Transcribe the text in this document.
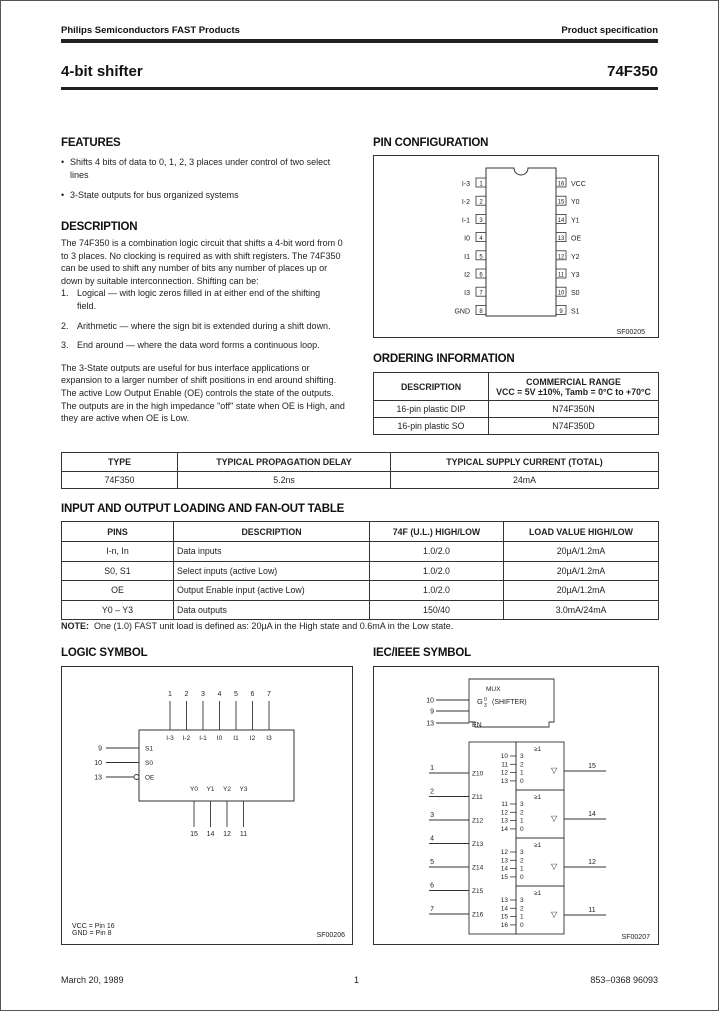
Philips Semiconductors FAST Products	Product specification
4-bit shifter	74F350
FEATURES
• Shifts 4 bits of data to 0, 1, 2, 3 places under control of two select lines
• 3-State outputs for bus organized systems
DESCRIPTION

The 74F350 is a combination logic circuit that shifts a 4-bit word from 0 to 3 places. No clocking is required as with shift registers. The 74F350 can be used to shift any number of bits any number of places up or down by suitable interconnection. Shifting can be:

1. Logical — with logic zeros filled in at either end of the shifting field.
2. Arithmetic — where the sign bit is extended during a shift down.
3. End around — where the data word forms a continuous loop.

The 3-State outputs are useful for bus interface applications or expansion to a larger number of shift positions in end around shifting. The active Low Output Enable (OE) controls the state of the outputs. The outputs are in the high impedance "off" state when OE is High, and they are active when OE is Low.

PIN CONFIGURATION
1
I-3
2
I-2
3
I-1
4
I0
5
I1
6
I2
7
I3
8
GND
16 VCC
15 Y0
14 Y1
13 OE
12 Y2
11 Y3
10 S0
9 S1
SF00205
ORDERING INFORMATION
DESCRIPTION	COMMERCIAL RANGE
VCC = 5V ±10%, Tamb = 0°C to +70°C

16-pin plastic DIP	N74F350N
16-pin plastic SO	N74F350D
TYPE	TYPICAL PROPAGATION DELAY	TYPICAL SUPPLY CURRENT (TOTAL)
74F350	5.2ns	24mA
INPUT AND OUTPUT LOADING AND FAN-OUT TABLE
PINS	DESCRIPTION	74F (U.L.) HIGH/LOW	LOAD VALUE HIGH/LOW
I-n, In	Data inputs	1.0/2.0	20µA/1.2mA
S0, S1	Select inputs (active Low)	1.0/2.0	20µA/1.2mA
OE	Output Enable input (active Low)	1.0/2.0	20µA/1.2mA
Y0 – Y3	Data outputs	150/40	3.0mA/24mA
NOTE: One (1.0) FAST unit load is defined as: 20µA in the High state and 0.6mA in the Low state.
LOGIC SYMBOL
VCC = Pin 16
GND = Pin 8	SF00206
1
I-3
2
I-2
3
I-1
4
I0
5
I1
6
I2
7
I3
9	S1
10	S0
13	OE
Y0
15
Y1
14
Y2
12
Y3
11
IEC/IEEE SYMBOL
MUX
G 0
3 (SHIFTER)
EN
SF00207
10
9
13
1
Z10
2
Z11
3
Z12
4
Z13
5
Z14
6
Z15
7
Z16
≥1
▽
10 3
11 2
12 1
13 0
15
≥1
▽
11 3
12 2
13 1
14 0
14
≥1
▽
12 3
13 2
14 1
15 0
12
≥1
▽
13 3
14 2
15 1
16 0
11
March 20, 1989	1	853–0368 96093
